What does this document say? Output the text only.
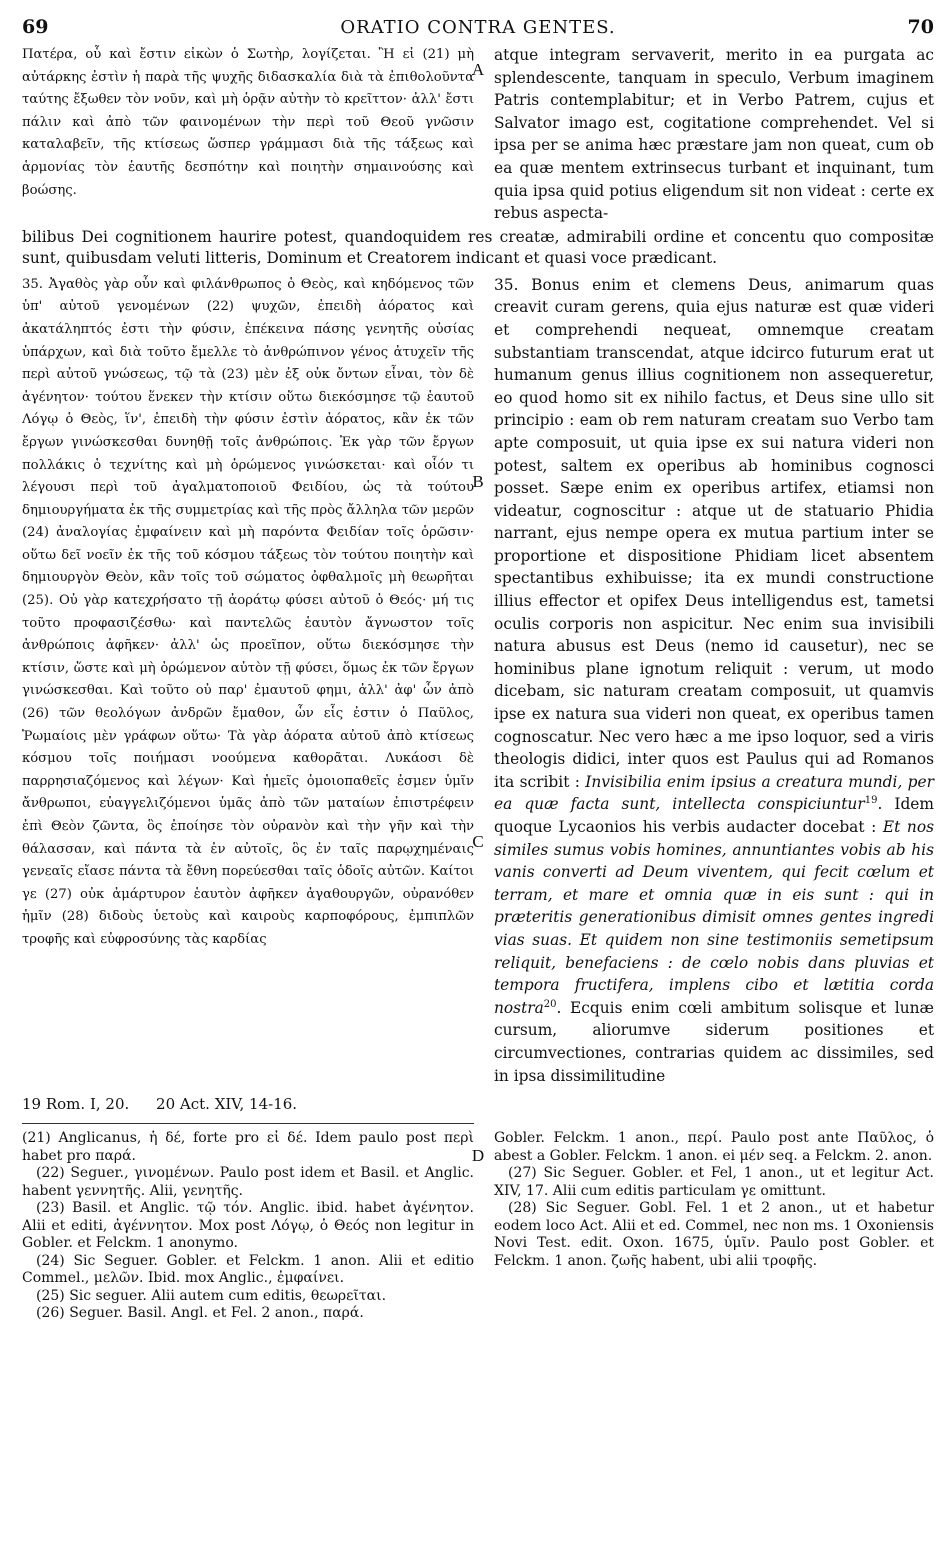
69	ORATIO CONTRA GENTES.	70
A

Πατέρα, οὗ καὶ ἔστιν εἰκὼν ὁ Σωτὴρ, λογίζεται. Ἢ εἰ (21) μὴ αὐτάρκης ἐστὶν ἡ παρὰ τῆς ψυχῆς διδασκαλία διὰ τὰ ἐπιθολοῦντα ταύτης ἔξωθεν τὸν νοῦν, καὶ μὴ ὁρᾷν αὐτὴν τὸ κρεῖττον· ἀλλ' ἔστι πάλιν καὶ ἀπὸ τῶν φαινομένων τὴν περὶ τοῦ Θεοῦ γνῶσιν καταλαβεῖν, τῆς κτίσεως ὥσπερ γράμμασι διὰ τῆς τάξεως καὶ ἁρμονίας τὸν ἑαυτῆς δεσπότην καὶ ποιητὴν σημαινούσης καὶ βοώσης.

atque integram servaverit, merito in ea purgata ac splendescente, tanquam in speculo, Verbum imaginem Patris contemplabitur; et in Verbo Patrem, cujus et Salvator imago est, cogitatione comprehendet. Vel si ipsa per se anima hæc præstare jam non queat, cum ob ea quæ mentem extrinsecus turbant et inquinant, tum quia ipsa quid potius eligendum sit non videat : certe ex rebus aspecta-

bilibus Dei cognitionem haurire potest, quandoquidem res creatæ, admirabili ordine et concentu quo compositæ sunt, quibusdam veluti litteris, Dominum et Creatorem indicant et quasi voce prædicant.

B
C

35. Ἀγαθὸς γὰρ οὖν καὶ φιλάνθρωπος ὁ Θεὸς, καὶ κηδόμενος τῶν ὑπ' αὐτοῦ γενομένων (22) ψυχῶν, ἐπειδὴ ἀόρατος καὶ ἀκατάληπτός ἐστι τὴν φύσιν, ἐπέκεινα πάσης γενητῆς οὐσίας ὑπάρχων, καὶ διὰ τοῦτο ἔμελλε τὸ ἀνθρώπινον γένος ἀτυχεῖν τῆς περὶ αὐτοῦ γνώσεως, τῷ τὰ (23) μὲν ἐξ οὐκ ὄντων εἶναι, τὸν δὲ ἀγένητον· τούτου ἕνεκεν τὴν κτίσιν οὕτω διεκόσμησε τῷ ἑαυτοῦ Λόγῳ ὁ Θεὸς, ἵν', ἐπειδὴ τὴν φύσιν ἐστὶν ἀόρατος, κἂν ἐκ τῶν ἔργων γινώσκεσθαι δυνηθῇ τοῖς ἀνθρώποις. Ἐκ γὰρ τῶν ἔργων πολλάκις ὁ τεχνίτης καὶ μὴ ὁρώμενος γινώσκεται· καὶ οἷόν τι λέγουσι περὶ τοῦ ἀγαλματοποιοῦ Φειδίου, ὡς τὰ τούτου δημιουργήματα ἐκ τῆς συμμετρίας καὶ τῆς πρὸς ἄλληλα τῶν μερῶν (24) ἀναλογίας ἐμφαίνειν καὶ μὴ παρόντα Φειδίαν τοῖς ὁρῶσιν· οὕτω δεῖ νοεῖν ἐκ τῆς τοῦ κόσμου τάξεως τὸν τούτου ποιητὴν καὶ δημιουργὸν Θεὸν, κἂν τοῖς τοῦ σώματος ὀφθαλμοῖς μὴ θεωρῆται (25). Οὐ γὰρ κατεχρήσατο τῇ ἀοράτῳ φύσει αὐτοῦ ὁ Θεός· μή τις τοῦτο προφασιζέσθω· καὶ παντελῶς ἑαυτὸν ἄγνωστον τοῖς ἀνθρώποις ἀφῆκεν· ἀλλ' ὡς προεῖπον, οὕτω διεκόσμησε τὴν κτίσιν, ὥστε καὶ μὴ ὁρώμενον αὐτὸν τῇ φύσει, ὅμως ἐκ τῶν ἔργων γινώσκεσθαι. Καὶ τοῦτο οὐ παρ' ἐμαυτοῦ φημι, ἀλλ' ἀφ' ὧν ἀπὸ (26) τῶν θεολόγων ἀνδρῶν ἔμαθον, ὧν εἷς ἐστιν ὁ Παῦλος, Ῥωμαίοις μὲν γράφων οὕτω· Τὰ γὰρ ἀόρατα αὐτοῦ ἀπὸ κτίσεως κόσμου τοῖς ποιήμασι νοούμενα καθορᾶται. Λυκάοσι δὲ παρρησιαζόμενος καὶ λέγων· Καὶ ἡμεῖς ὁμοιοπαθεῖς ἐσμεν ὑμῖν ἄνθρωποι, εὐαγγελιζόμενοι ὑμᾶς ἀπὸ τῶν ματαίων ἐπιστρέφειν ἐπὶ Θεὸν ζῶντα, ὃς ἐποίησε τὸν οὐρανὸν καὶ τὴν γῆν καὶ τὴν θάλασσαν, καὶ πάντα τὰ ἐν αὐτοῖς, ὃς ἐν ταῖς παρῳχημέναις γενεαῖς εἴασε πάντα τὰ ἔθνη πορεύεσθαι ταῖς ὁδοῖς αὐτῶν. Καίτοι γε (27) οὐκ ἀμάρτυρον ἑαυτὸν ἀφῆκεν ἀγαθουργῶν, οὐρανόθεν ἡμῖν (28) διδοὺς ὑετοὺς καὶ καιροὺς καρποφόρους, ἐμπιπλῶν τροφῆς καὶ εὐφροσύνης τὰς καρδίας

35. Bonus enim et clemens Deus, animarum quas creavit curam gerens, quia ejus naturæ est quæ videri et comprehendi nequeat, omnemque creatam substantiam transcendat, atque idcirco futurum erat ut humanum genus illius cognitionem non assequeretur, eo quod homo sit ex nihilo factus, et Deus sine ullo sit principio : eam ob rem naturam creatam suo Verbo tam apte composuit, ut quia ipse ex sui natura videri non potest, saltem ex operibus ab hominibus cognosci posset. Sæpe enim ex operibus artifex, etiamsi non videatur, cognoscitur : atque ut de statuario Phidia narrant, ejus nempe opera ex mutua partium inter se proportione et dispositione Phidiam licet absentem spectantibus exhibuisse; ita ex mundi constructione illius effector et opifex Deus intelligendus est, tametsi oculis corporis non aspicitur. Nec enim sua invisibili natura abusus est Deus (nemo id causetur), nec se hominibus plane ignotum reliquit : verum, ut modo dicebam, sic naturam creatam composuit, ut quamvis ipse ex natura sua videri non queat, ex operibus tamen cognoscatur. Nec vero hæc a me ipso loquor, sed a viris theologis didici, inter quos est Paulus qui ad Romanos ita scribit : Invisibilia enim ipsius a creatura mundi, per ea quæ facta sunt, intellecta conspiciuntur$^{19}$. Idem quoque Lycaonios his verbis audacter docebat : Et nos similes sumus vobis homines, annuntiantes vobis ab his vanis converti ad Deum viventem, qui fecit cœlum et terram, et mare et omnia quæ in eis sunt : qui in præteritis generationibus dimisit omnes gentes ingredi vias suas. Et quidem non sine testimoniis semetipsum reliquit, benefaciens : de cœlo nobis dans pluvias et tempora fructifera, implens cibo et lætitia corda nostra$^{20}$. Ecquis enim cœli ambitum solisque et lunæ cursum, aliorumve siderum positiones et circumvectiones, contrarias quidem ac dissimiles, sed in ipsa dissimilitudine

19 Rom. I, 20. 20 Act. XIV, 14-16.
D

(21) Anglicanus, ἡ δέ, forte pro εἰ δέ. Idem paulo post περὶ habet pro παρά.

(22) Seguer., γινομένων. Paulo post idem et Basil. et Anglic. habent γεννητῆς. Alii, γενητῆς.

(23) Basil. et Anglic. τῷ τόν. Anglic. ibid. habet ἀγένητον. Alii et editi, ἀγέννητον. Mox post Λόγῳ, ὁ Θεός non legitur in Gobler. et Felckm. 1 anonymo.

(24) Sic Seguer. Gobler. et Felckm. 1 anon. Alii et editio Commel., μελῶν. Ibid. mox Anglic., ἐμφαίνει.

(25) Sic seguer. Alii autem cum editis, θεωρεῖται.

(26) Seguer. Basil. Angl. et Fel. 2 anon., παρά.

Gobler. Felckm. 1 anon., περί. Paulo post ante Παῦλος, ὁ abest a Gobler. Felckm. 1 anon. ei μέν seq. a Felckm. 2. anon.

(27) Sic Seguer. Gobler. et Fel, 1 anon., ut et legitur Act. XIV, 17. Alii cum editis particulam γε omittunt.

(28) Sic Seguer. Gobl. Fel. 1 et 2 anon., ut et habetur eodem loco Act. Alii et ed. Commel, nec non ms. 1 Oxoniensis Novi Test. edit. Oxon. 1675, ὑμῖν. Paulo post Gobler. et Felckm. 1 anon. ζωῆς habent, ubi alii τροφῆς.
